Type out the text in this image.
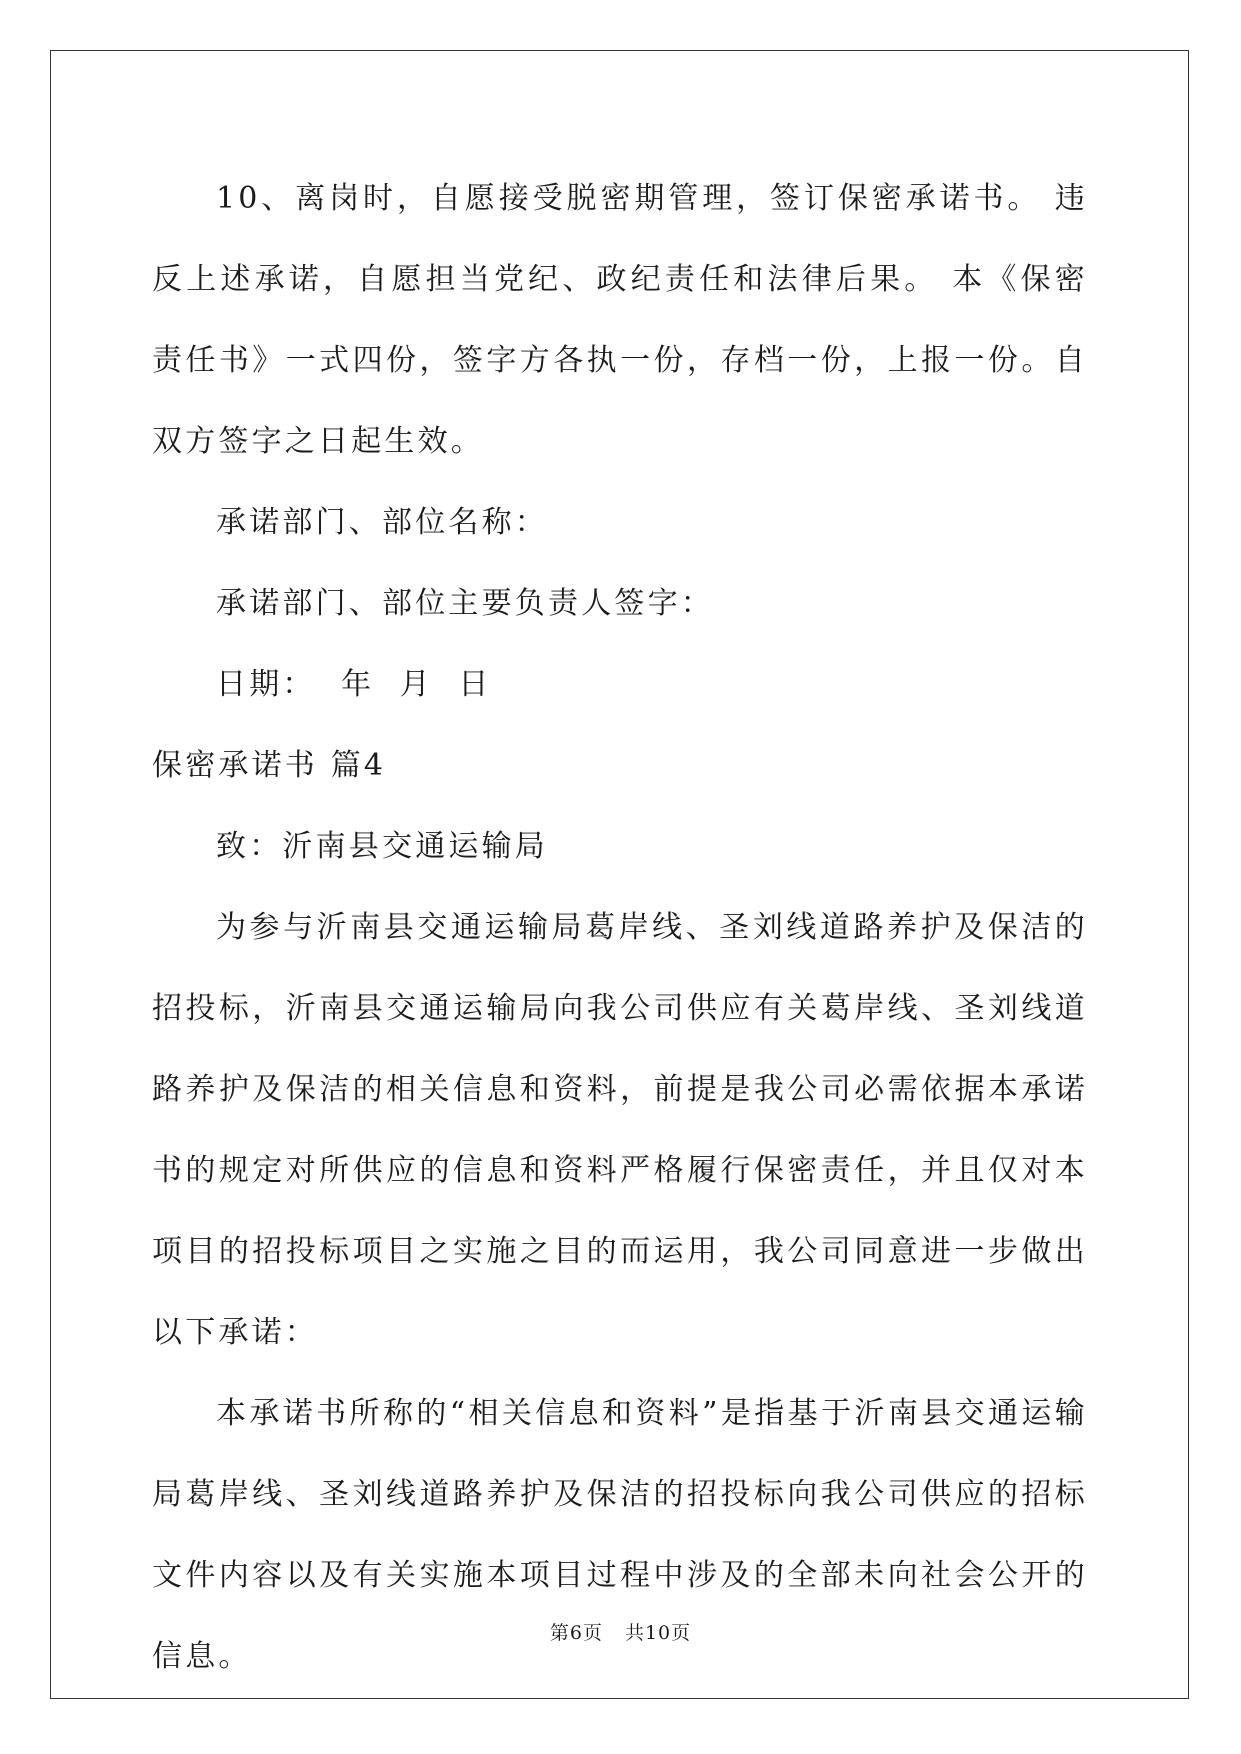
10、离岗时，自愿接受脱密期管理，签订保密承诺书。 违反上述承诺，自愿担当党纪、政纪责任和法律后果。 本《保密责任书》一式四份，签字方各执一份，存档一份，上报一份。自双方签字之日起生效。

承诺部门、部位名称：

承诺部门、部位主要负责人签字：

日期：  年  月  日

保密承诺书 篇4

致：沂南县交通运输局

为参与沂南县交通运输局葛岸线、圣刘线道路养护及保洁的招投标，沂南县交通运输局向我公司供应有关葛岸线、圣刘线道路养护及保洁的相关信息和资料，前提是我公司必需依据本承诺书的规定对所供应的信息和资料严格履行保密责任，并且仅对本项目的招投标项目之实施之目的而运用，我公司同意进一步做出以下承诺：

本承诺书所称的“相关信息和资料”是指基于沂南县交通运输局葛岸线、圣刘线道路养护及保洁的招投标向我公司供应的招标文件内容以及有关实施本项目过程中涉及的全部未向社会公开的信息。

第6页 共10页
